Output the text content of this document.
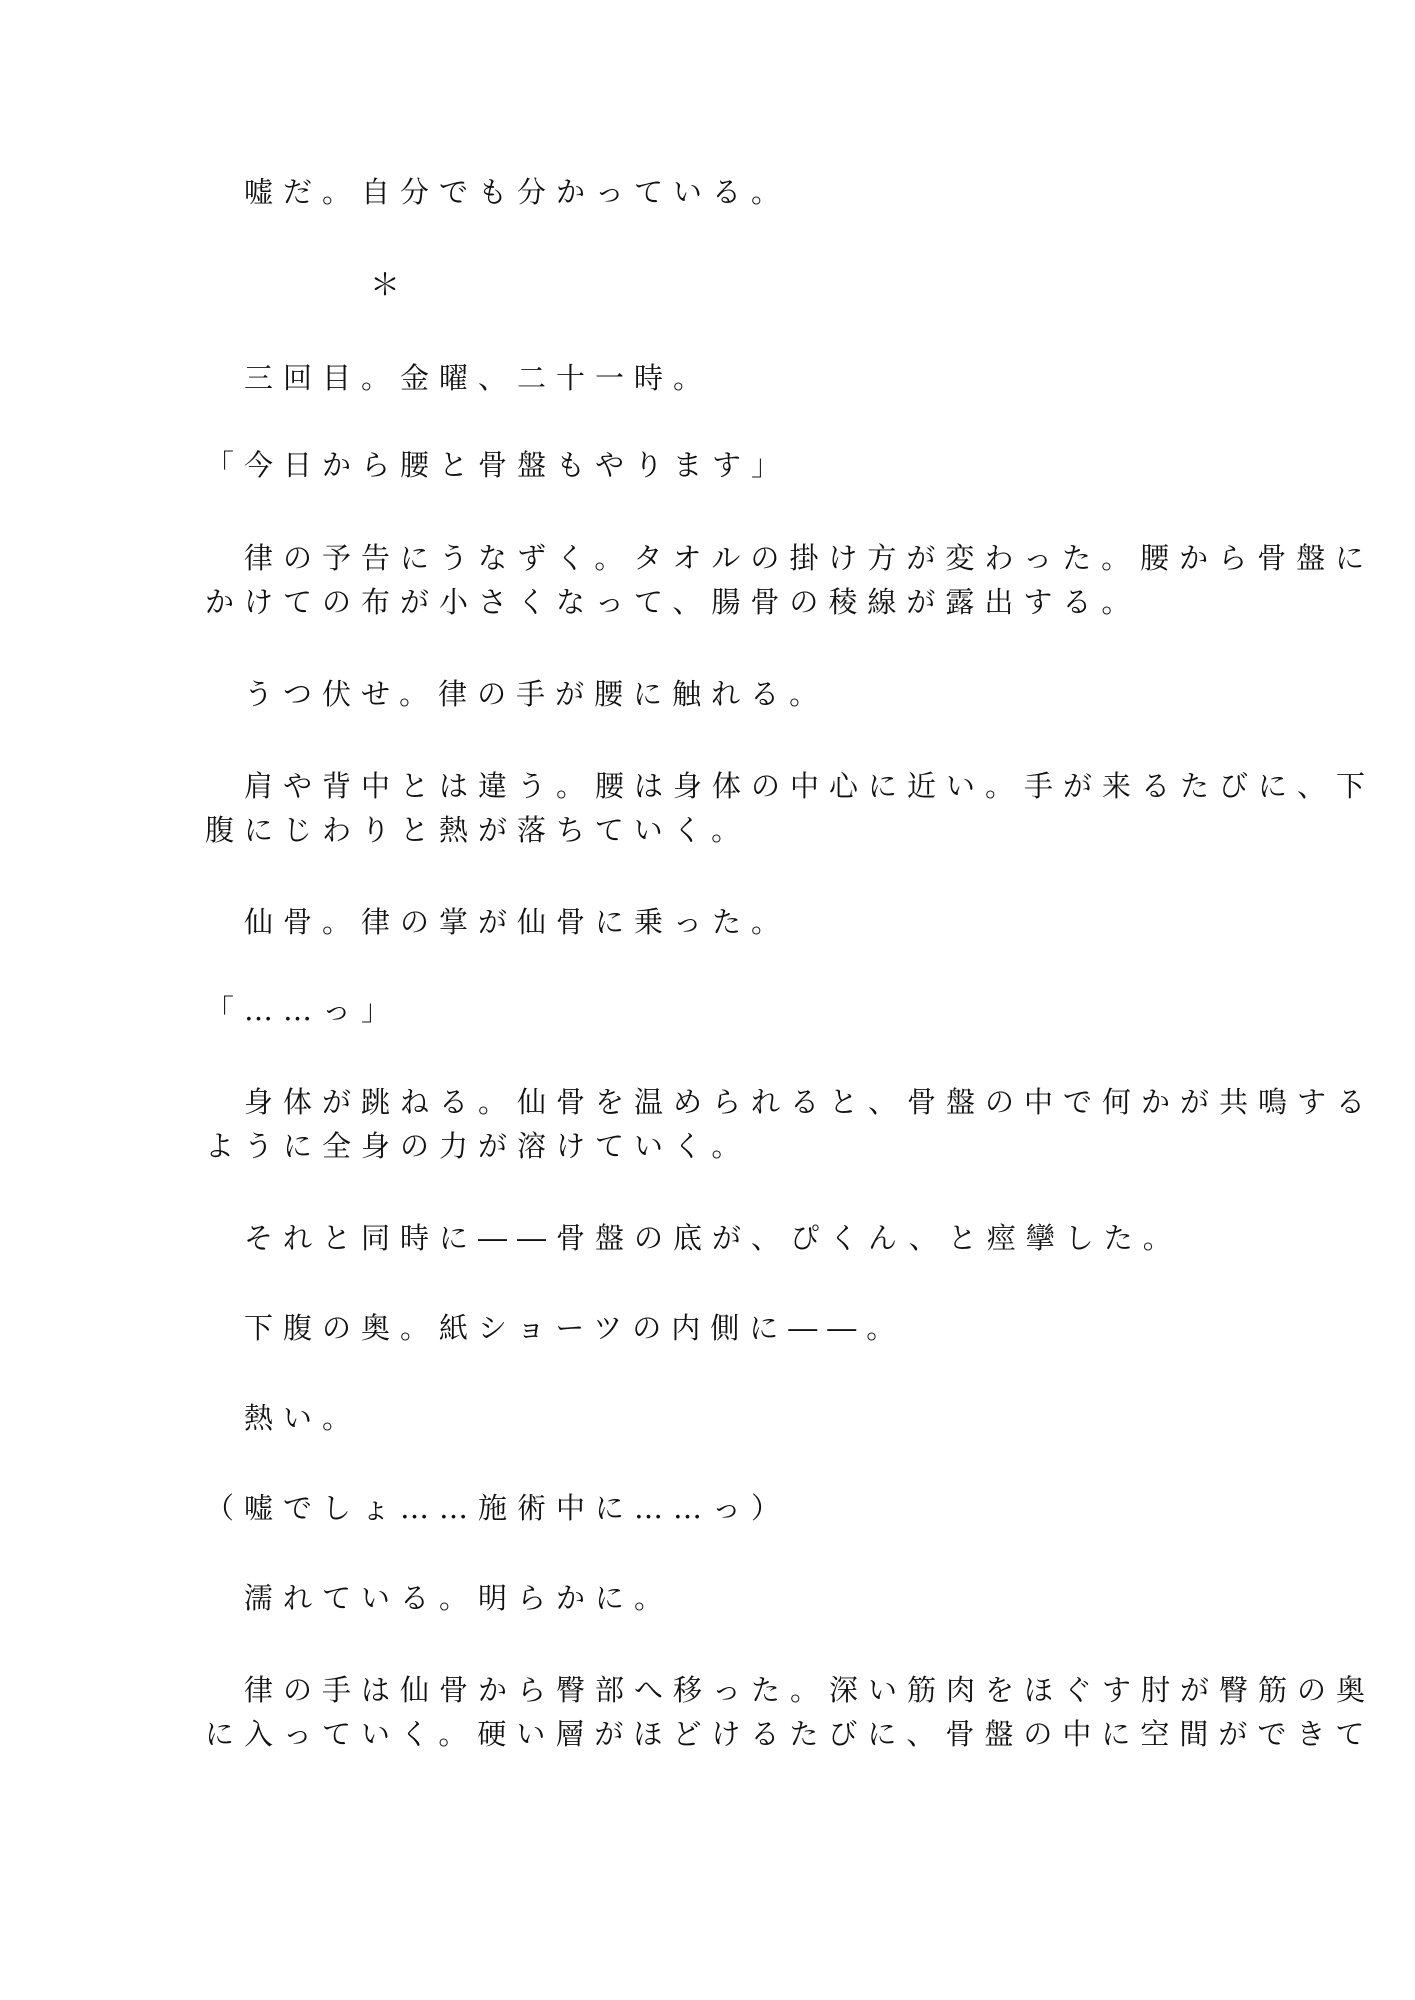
　嘘だ。自分でも分かっている。
＊
　三回目。金曜、二十一時。
「今日から腰と骨盤もやります」
　律の予告にうなずく。タオルの掛け方が変わった。腰から骨盤に
かけての布が小さくなって、腸骨の稜線が露出する。
　うつ伏せ。律の手が腰に触れる。
　肩や背中とは違う。腰は身体の中心に近い。手が来るたびに、下
腹にじわりと熱が落ちていく。
　仙骨。律の掌が仙骨に乗った。
「……っ」
　身体が跳ねる。仙骨を温められると、骨盤の中で何かが共鳴する
ように全身の力が溶けていく。
　それと同時に――骨盤の底が、ぴくん、と痙攣した。
　下腹の奥。紙ショーツの内側に――。
　熱い。
（嘘でしょ……施術中に……っ）
　濡れている。明らかに。
　律の手は仙骨から臀部へ移った。深い筋肉をほぐす肘が臀筋の奥
に入っていく。硬い層がほどけるたびに、骨盤の中に空間ができて
